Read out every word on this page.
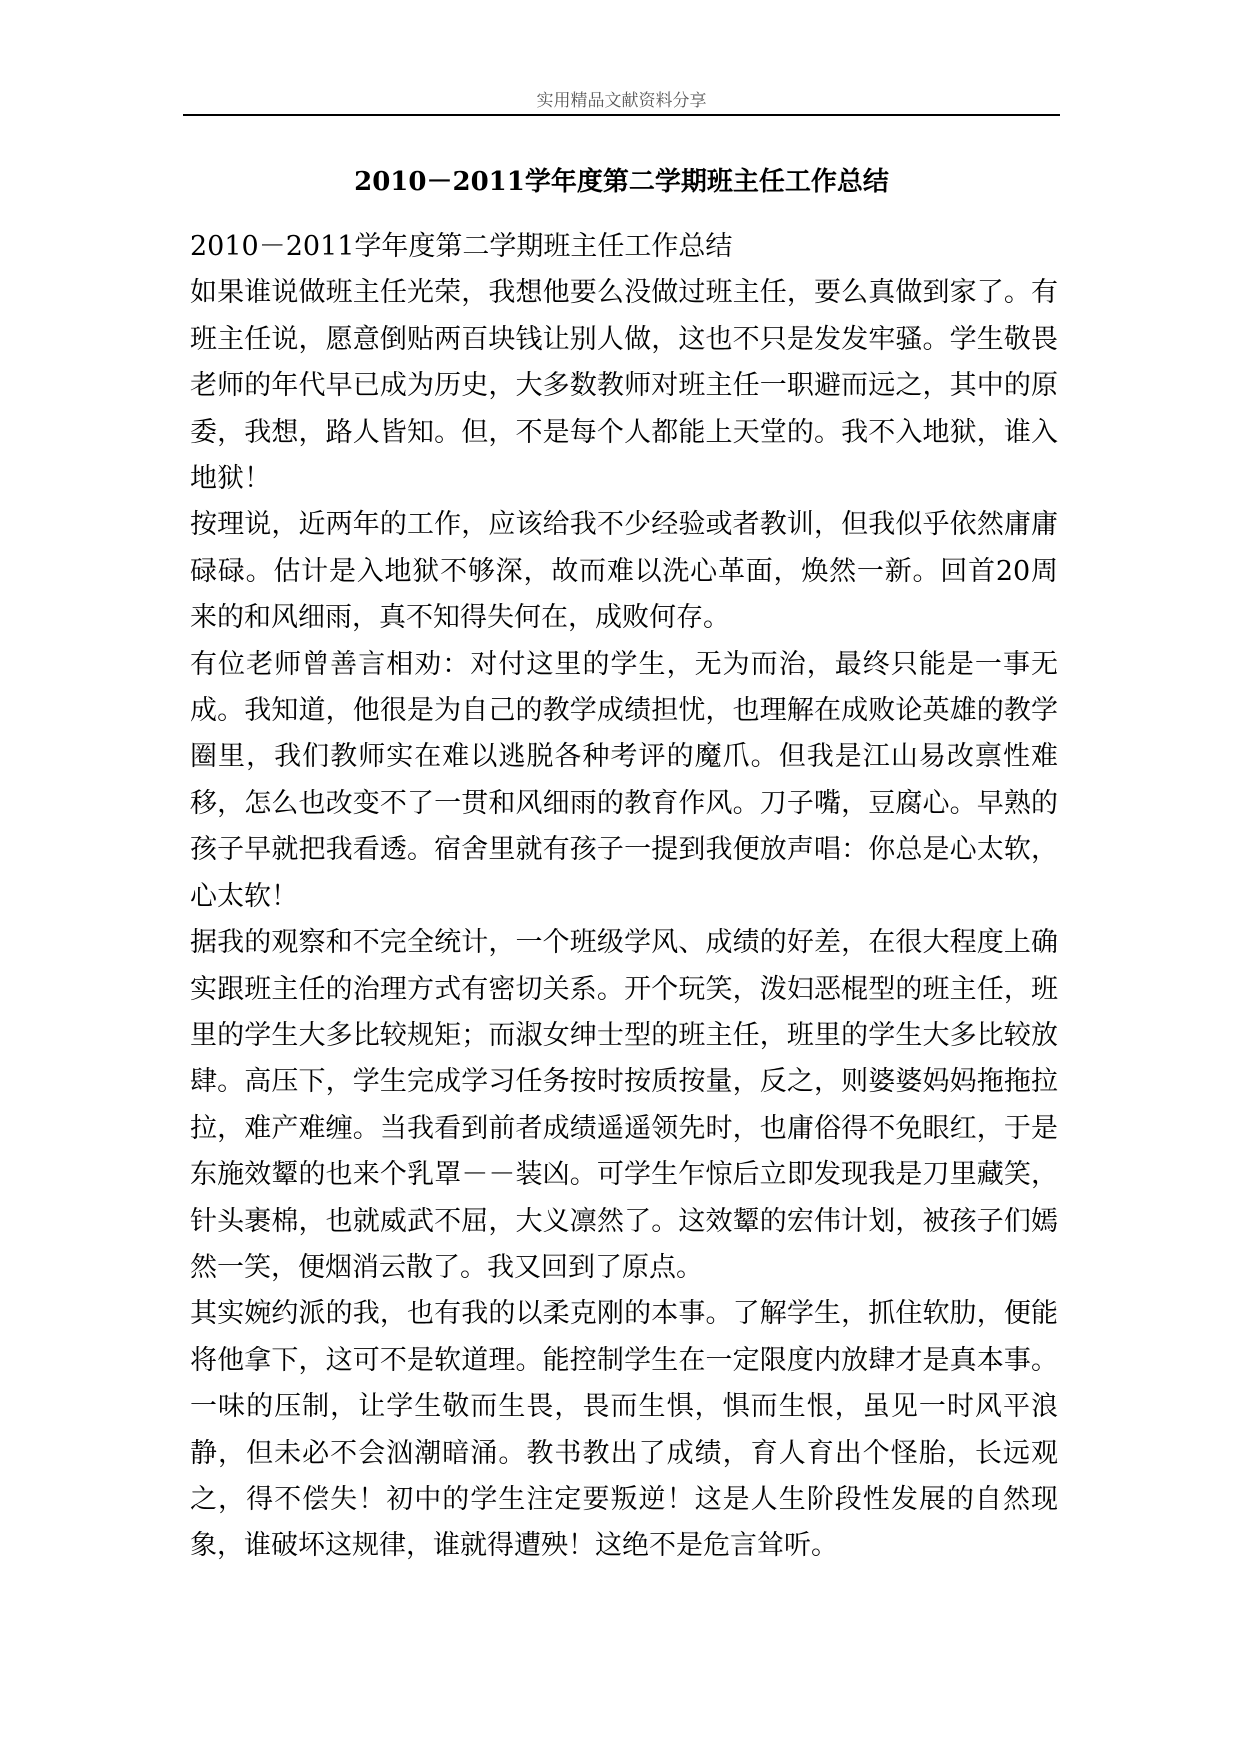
实用精品文献资料分享
2010－2011学年度第二学期班主任工作总结

2010－2011学年度第二学期班主任工作总结

如果谁说做班主任光荣，我想他要么没做过班主任，要么真做到家了。有班主任说，愿意倒贴两百块钱让别人做，这也不只是发发牢骚。学生敬畏老师的年代早已成为历史，大多数教师对班主任一职避而远之，其中的原委，我想，路人皆知。但，不是每个人都能上天堂的。我不入地狱，谁入地狱！

按理说，近两年的工作，应该给我不少经验或者教训，但我似乎依然庸庸碌碌。估计是入地狱不够深，故而难以洗心革面，焕然一新。回首20周来的和风细雨，真不知得失何在，成败何存。

有位老师曾善言相劝：对付这里的学生，无为而治，最终只能是一事无成。我知道，他很是为自己的教学成绩担忧，也理解在成败论英雄的教学圈里，我们教师实在难以逃脱各种考评的魔爪。但我是江山易改禀性难移，怎么也改变不了一贯和风细雨的教育作风。刀子嘴，豆腐心。早熟的孩子早就把我看透。宿舍里就有孩子一提到我便放声唱：你总是心太软，心太软！

据我的观察和不完全统计，一个班级学风、成绩的好差，在很大程度上确实跟班主任的治理方式有密切关系。开个玩笑，泼妇恶棍型的班主任，班里的学生大多比较规矩；而淑女绅士型的班主任，班里的学生大多比较放肆。高压下，学生完成学习任务按时按质按量，反之，则婆婆妈妈拖拖拉拉，难产难缠。当我看到前者成绩遥遥领先时，也庸俗得不免眼红，于是东施效颦的也来个乳罩－－装凶。可学生乍惊后立即发现我是刀里藏笑，针头裹棉，也就威武不屈，大义凛然了。这效颦的宏伟计划，被孩子们嫣然一笑，便烟消云散了。我又回到了原点。

其实婉约派的我，也有我的以柔克刚的本事。了解学生，抓住软肋，便能将他拿下，这可不是软道理。能控制学生在一定限度内放肆才是真本事。一味的压制，让学生敬而生畏，畏而生惧，惧而生恨，虽见一时风平浪静，但未必不会汹潮暗涌。教书教出了成绩，育人育出个怪胎，长远观之，得不偿失！初中的学生注定要叛逆！这是人生阶段性发展的自然现象，谁破坏这规律，谁就得遭殃！这绝不是危言耸听。
